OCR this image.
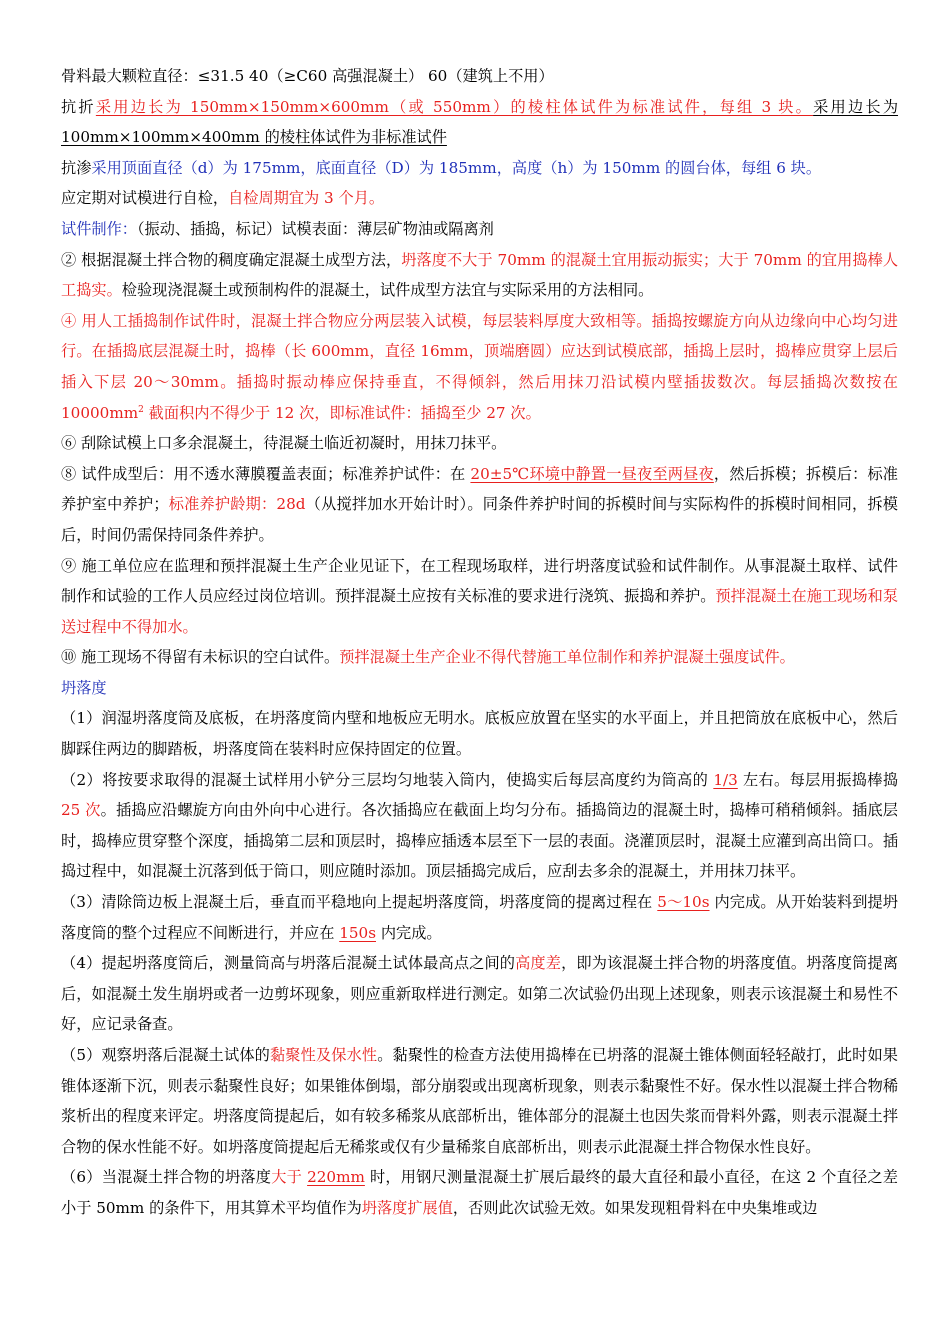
骨料最大颗粒直径：≤31.5 40（≥C60 高强混凝土） 60（建筑上不用）

抗折采用边长为 150mm×150mm×600mm（或 550mm）的棱柱体试件为标准试件，每组 3 块。采用边长为 100mm×100mm×400mm 的棱柱体试件为非标准试件

抗渗采用顶面直径（d）为 175mm，底面直径（D）为 185mm，高度（h）为 150mm 的圆台体，每组 6 块。

应定期对试模进行自检，自检周期宜为 3 个月。

试件制作：（振动、插捣，标记）试模表面：薄层矿物油或隔离剂

② 根据混凝土拌合物的稠度确定混凝土成型方法，坍落度不大于 70mm 的混凝土宜用振动振实；大于 70mm 的宜用捣棒人工捣实。检验现浇混凝土或预制构件的混凝土，试件成型方法宜与实际采用的方法相同。

④ 用人工插捣制作试件时，混凝土拌合物应分两层装入试模，每层装料厚度大致相等。插捣按螺旋方向从边缘向中心均匀进行。在插捣底层混凝土时，捣棒（长 600mm，直径 16mm，顶端磨圆）应达到试模底部，插捣上层时，捣棒应贯穿上层后插入下层 20～30mm。插捣时振动棒应保持垂直，不得倾斜，然后用抹刀沿试模内壁插拔数次。每层插捣次数按在 $10000mm^2$ 截面积内不得少于 12 次，即标准试件：插捣至少 27 次。

⑥ 刮除试模上口多余混凝土，待混凝土临近初凝时，用抹刀抹平。

⑧ 试件成型后：用不透水薄膜覆盖表面；标准养护试件：在 20±5℃环境中静置一昼夜至两昼夜，然后拆模；拆模后：标准养护室中养护；标准养护龄期：28d（从搅拌加水开始计时）。同条件养护时间的拆模时间与实际构件的拆模时间相同，拆模后，时间仍需保持同条件养护。

⑨ 施工单位应在监理和预拌混凝土生产企业见证下，在工程现场取样，进行坍落度试验和试件制作。从事混凝土取样、试件制作和试验的工作人员应经过岗位培训。预拌混凝土应按有关标准的要求进行浇筑、振捣和养护。预拌混凝土在施工现场和泵送过程中不得加水。

⑩ 施工现场不得留有未标识的空白试件。预拌混凝土生产企业不得代替施工单位制作和养护混凝土强度试件。

坍落度

（1）润湿坍落度筒及底板，在坍落度筒内壁和地板应无明水。底板应放置在坚实的水平面上，并且把筒放在底板中心，然后脚踩住两边的脚踏板，坍落度筒在装料时应保持固定的位置。

（2）将按要求取得的混凝土试样用小铲分三层均匀地装入筒内，使捣实后每层高度约为筒高的 1/3 左右。每层用振捣棒捣 25 次。插捣应沿螺旋方向由外向中心进行。各次插捣应在截面上均匀分布。插捣筒边的混凝土时，捣棒可稍稍倾斜。插底层时，捣棒应贯穿整个深度，插捣第二层和顶层时，捣棒应插透本层至下一层的表面。浇灌顶层时，混凝土应灌到高出筒口。插捣过程中，如混凝土沉落到低于筒口，则应随时添加。顶层插捣完成后，应刮去多余的混凝土，并用抹刀抹平。

（3）清除筒边板上混凝土后，垂直而平稳地向上提起坍落度筒，坍落度筒的提离过程在 5～10s 内完成。从开始装料到提坍落度筒的整个过程应不间断进行，并应在 150s 内完成。

（4）提起坍落度筒后，测量筒高与坍落后混凝土试体最高点之间的高度差，即为该混凝土拌合物的坍落度值。坍落度筒提离后，如混凝土发生崩坍或者一边剪坏现象，则应重新取样进行测定。如第二次试验仍出现上述现象，则表示该混凝土和易性不好，应记录备查。

（5）观察坍落后混凝土试体的黏聚性及保水性。黏聚性的检查方法使用捣棒在已坍落的混凝土锥体侧面轻轻敲打，此时如果锥体逐渐下沉，则表示黏聚性良好；如果锥体倒塌，部分崩裂或出现离析现象，则表示黏聚性不好。保水性以混凝土拌合物稀浆析出的程度来评定。坍落度筒提起后，如有较多稀浆从底部析出，锥体部分的混凝土也因失浆而骨料外露，则表示混凝土拌合物的保水性能不好。如坍落度筒提起后无稀浆或仅有少量稀浆自底部析出，则表示此混凝土拌合物保水性良好。

（6）当混凝土拌合物的坍落度大于 220mm 时，用钢尺测量混凝土扩展后最终的最大直径和最小直径，在这 2 个直径之差小于 50mm 的条件下，用其算术平均值作为坍落度扩展值，否则此次试验无效。如果发现粗骨料在中央集堆或边
